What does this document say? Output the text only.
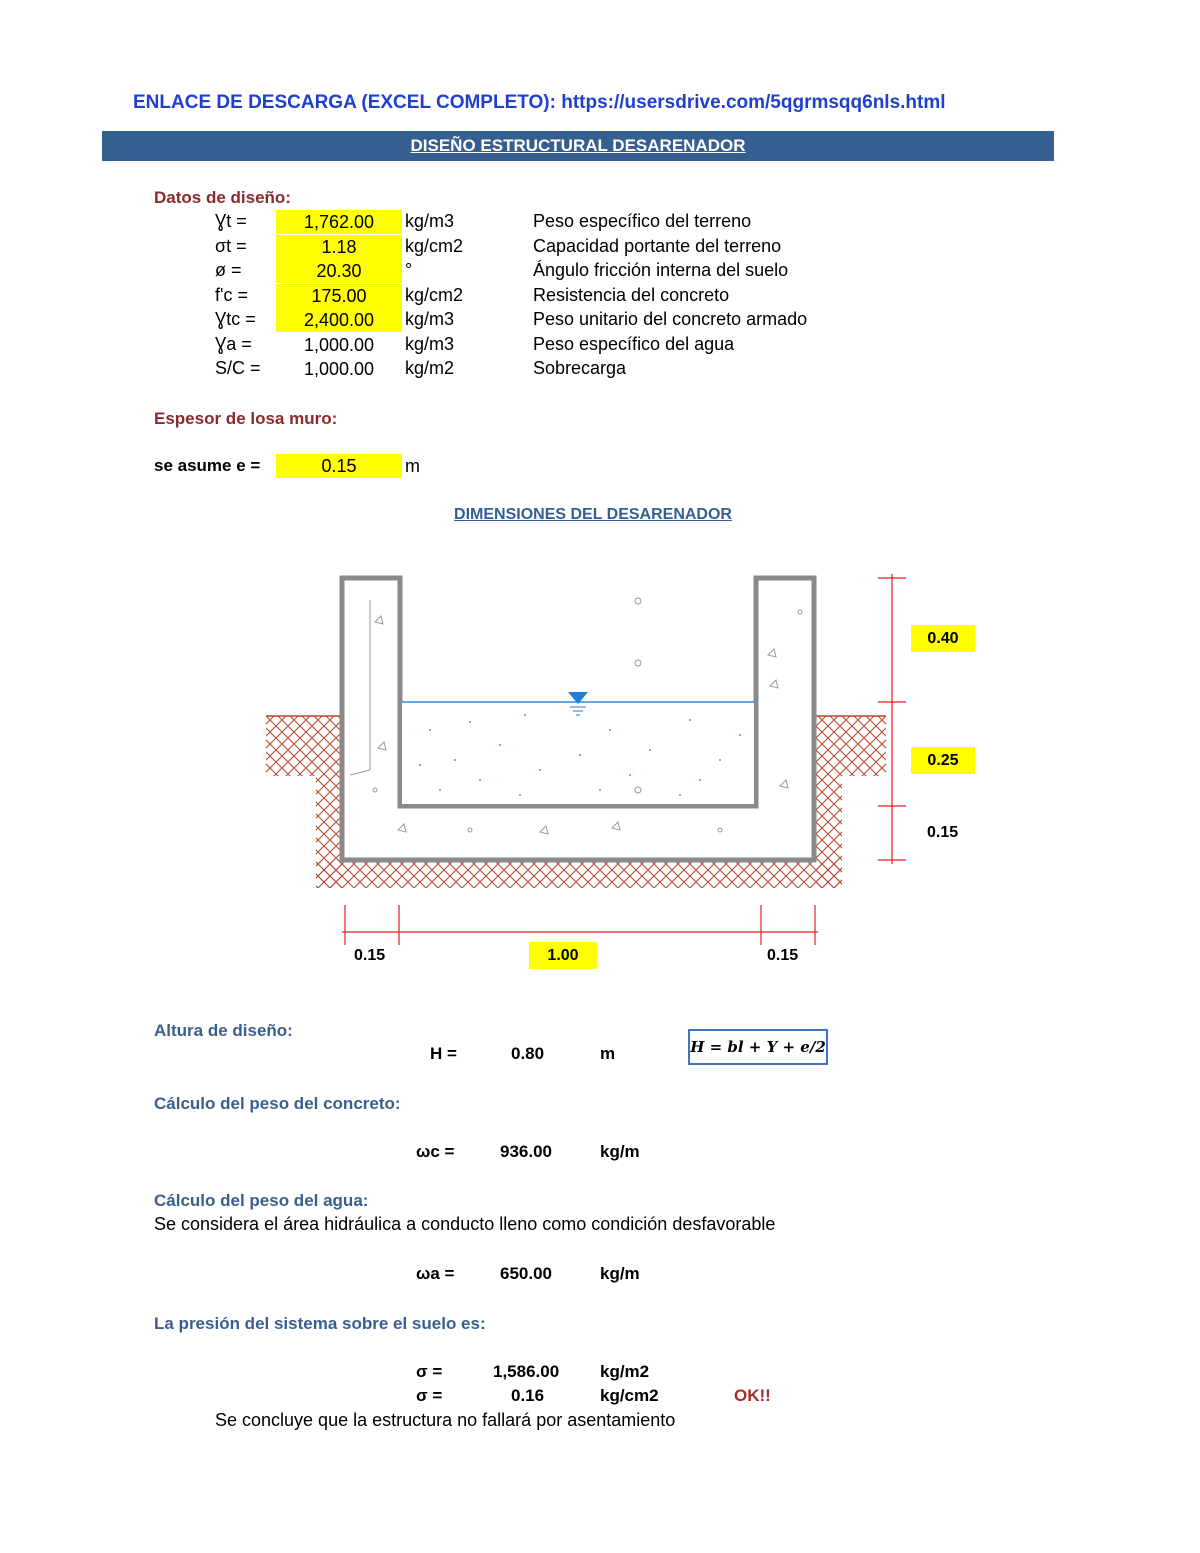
ENLACE DE DESCARGA (EXCEL COMPLETO): https://usersdrive.com/5qgrmsqq6nls.html
DISEÑO ESTRUCTURAL DESARENADOR
Datos de diseño:
Ɣt =	1,762.00	kg/m3	Peso específico del terreno
σt =	1.18	kg/cm2	Capacidad portante del terreno
ø =	20.30	°	Ángulo fricción interna del suelo
f'c =	175.00	kg/cm2	Resistencia del concreto
Ɣtc =	2,400.00	kg/m3	Peso unitario del concreto armado
Ɣa =	1,000.00	kg/m3	Peso específico del agua
S/C =	1,000.00	kg/m2	Sobrecarga
Espesor de losa muro:
se asume e =	0.15	m
DIMENSIONES DEL DESARENADOR
0.40
0.25
0.15
0.15	1.00	0.15
Altura de diseño:
H =	0.80	m	H = bl + Y + e/2
Cálculo del peso del concreto:
ωc =	936.00	kg/m
Cálculo del peso del agua:
Se considera el área hidráulica a conducto lleno como condición desfavorable
ωa =	650.00	kg/m
La presión del sistema sobre el suelo es:
σ =	1,586.00 kg/m2
σ =	0.16	kg/cm2	OK!!
Se concluye que la estructura no fallará por asentamiento
